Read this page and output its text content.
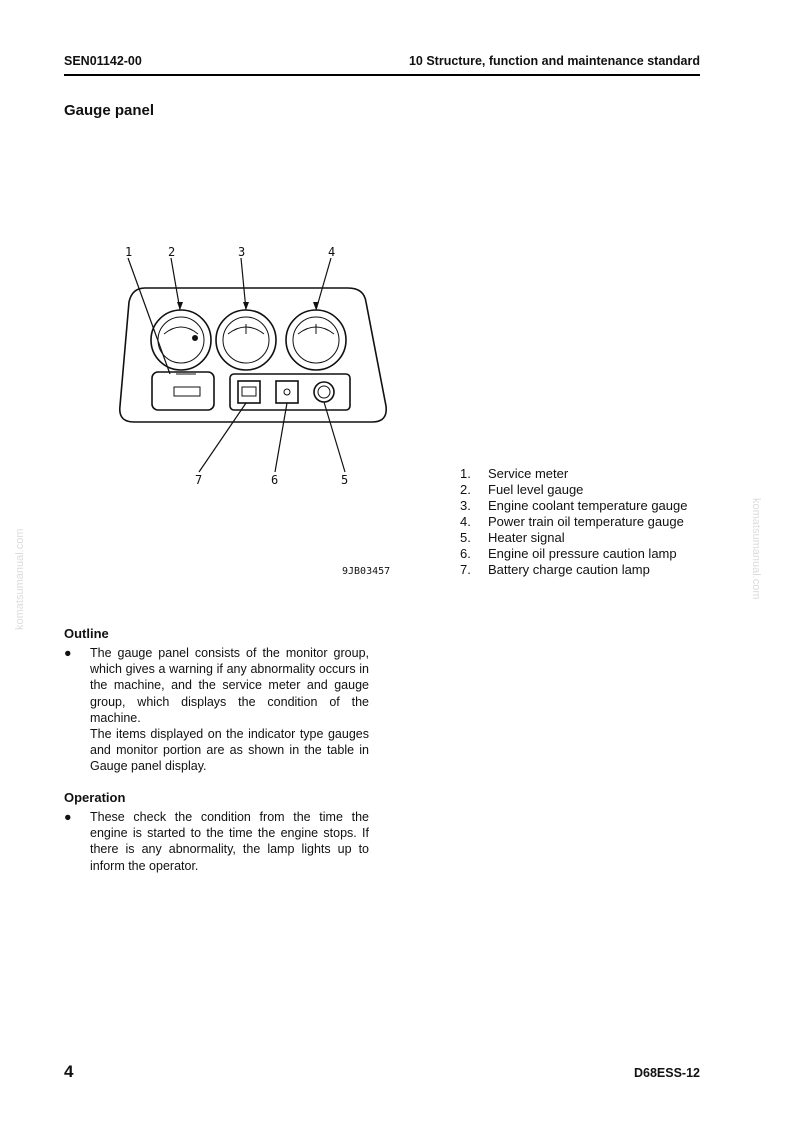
SEN01142-00	10 Structure, function and maintenance standard
Gauge panel
1	2	3	4
7	6	5
9JB03457
1. Service meter
2. Fuel level gauge
3. Engine coolant temperature gauge
4. Power train oil temperature gauge
5. Heater signal
6. Engine oil pressure caution lamp
7. Battery charge caution lamp
Outline
● The gauge panel consists of the monitor group, which gives a warning if any abnormality occurs in the machine, and the service meter and gauge group, which displays the condition of the machine.

The items displayed on the indicator type gauges and monitor portion are as shown in the table in Gauge panel display.

Operation
● These check the condition from the time the engine is started to the time the engine stops. If there is any abnormality, the lamp lights up to inform the operator.

komatsumanual.com	komatsumanual.com
4	D68ESS-12
